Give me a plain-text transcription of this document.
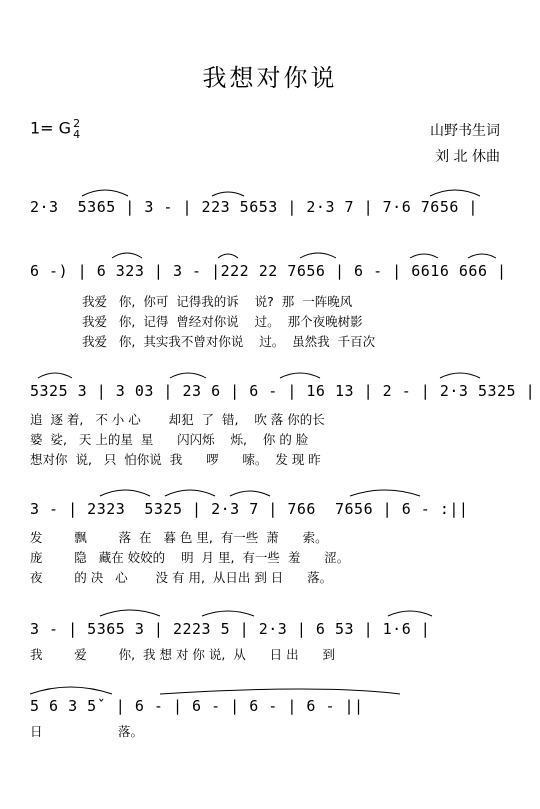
我想对你说
1= G 2
4	山野书生词
刘 北 休曲
2·3  5365 | 3 - | 223 5653 | 2·3 7 | 7·6 7656 |
6 -) | 6 323 | 3 - |222 22 7656 | 6 - | 6616 666 |
我爱   你,  你可  记得我的诉    说?  那  一阵晚风
我爱   你,  记得  曾经对你说    过。  那个夜晚树影
我爱   你,  其实我不曾对你说    过。  虽然我  千百次
5325 3 | 3 03 | 23 6 | 6 - | 16 13 | 2 - | 2·3 5325 |
追  逐 着,   不 小 心       却犯  了  错,    吹 落 你的长
婆  娑,   天 上的星  星      闪闪烁    烁,    你 的 脸
想对你  说,   只  怕你说  我      啰      嗦。  发 现 昨
3 - | 2323  5325 | 2·3 7 | 766  7656 | 6 - :||
发        飘        落  在   暮 色 里,  有一些  萧      索。
庞        隐   藏在 姣姣的    明  月 里,  有一些  羞      涩。
夜        的 决   心       没 有 用,  从日出 到 日      落。
3 - | 5365 3 | 2223 5 | 2·3 | 6 53 | 1·6 |
我        爱        你,  我 想 对 你 说,  从      日 出      到
5 6 3 5ˇ | 6 - | 6 - | 6 - | 6 - ||
日                   落。
